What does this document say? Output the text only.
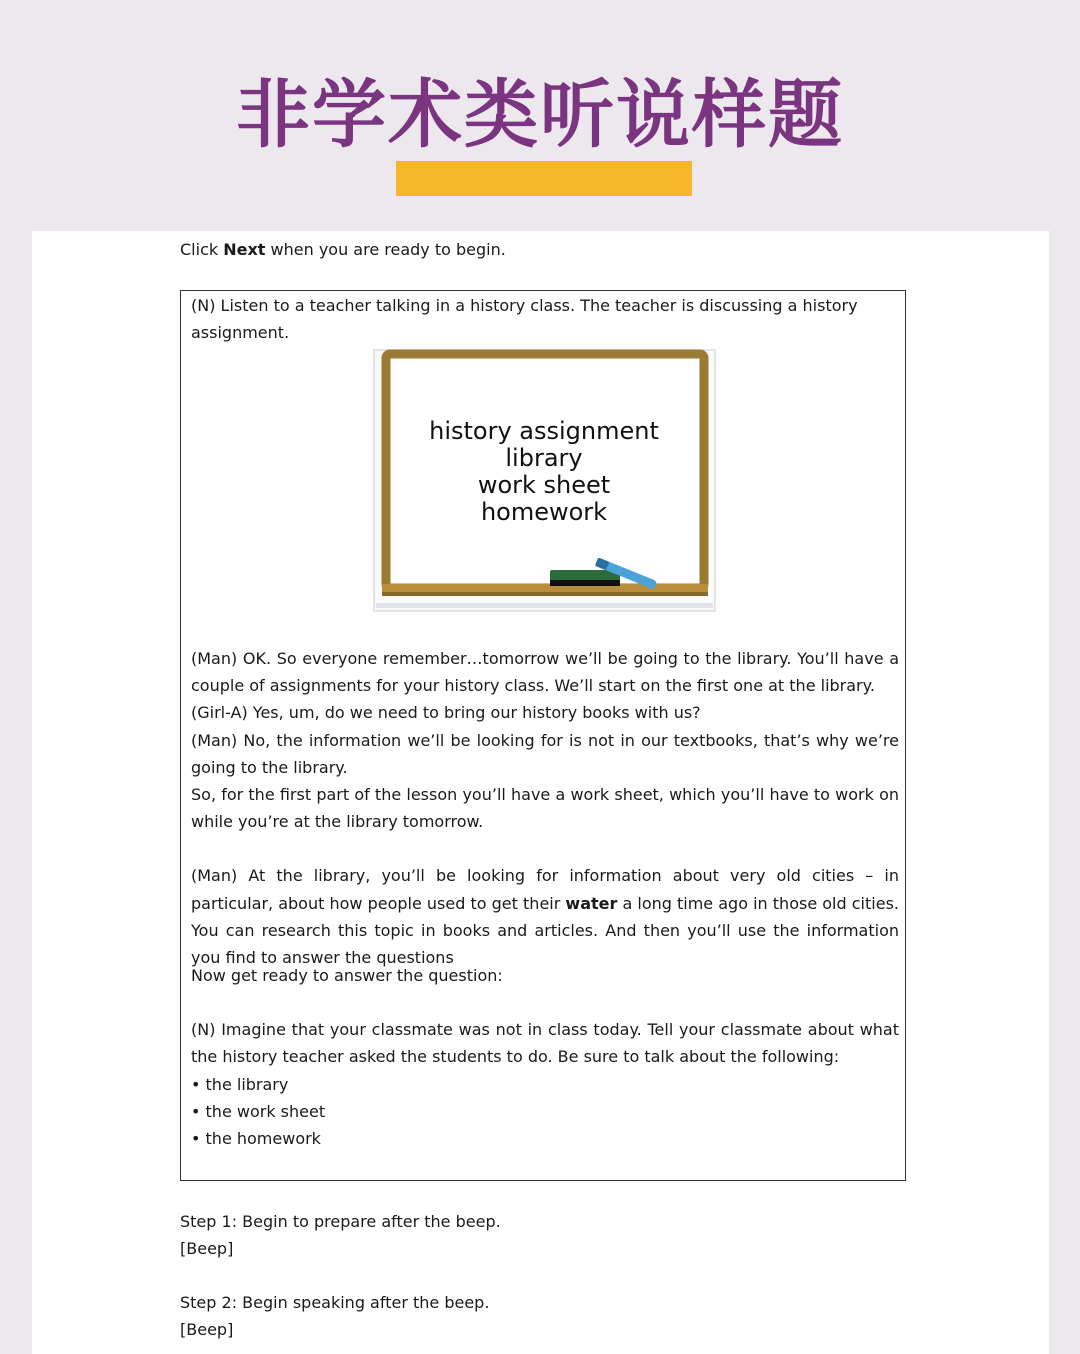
非学术类听说样题
Click Next when you are ready to begin.

(N) Listen to a teacher talking in a history class. The teacher is discussing a history assignment.

history assignment
library
work sheet
homework

(Man) OK. So everyone remember…tomorrow we’ll be going to the library. You’ll have a couple of assignments for your history class. We’ll start on the first one at the library.

(Girl-A) Yes, um, do we need to bring our history books with us?

(Man) No, the information we’ll be looking for is not in our textbooks, that’s why we’re going to the library.

So, for the first part of the lesson you’ll have a work sheet, which you’ll have to work on while you’re at the library tomorrow.

(Man) At the library, you’ll be looking for information about very old cities – in particular, about how people used to get their water a long time ago in those old cities. You can research this topic in books and articles. And then you’ll use the information you find to answer the questions

Now get ready to answer the question:

(N) Imagine that your classmate was not in class today. Tell your classmate about what the history teacher asked the students to do. Be sure to talk about the following:

• the library

• the work sheet

• the homework

Step 1: Begin to prepare after the beep.

[Beep]

Step 2: Begin speaking after the beep.

[Beep]
